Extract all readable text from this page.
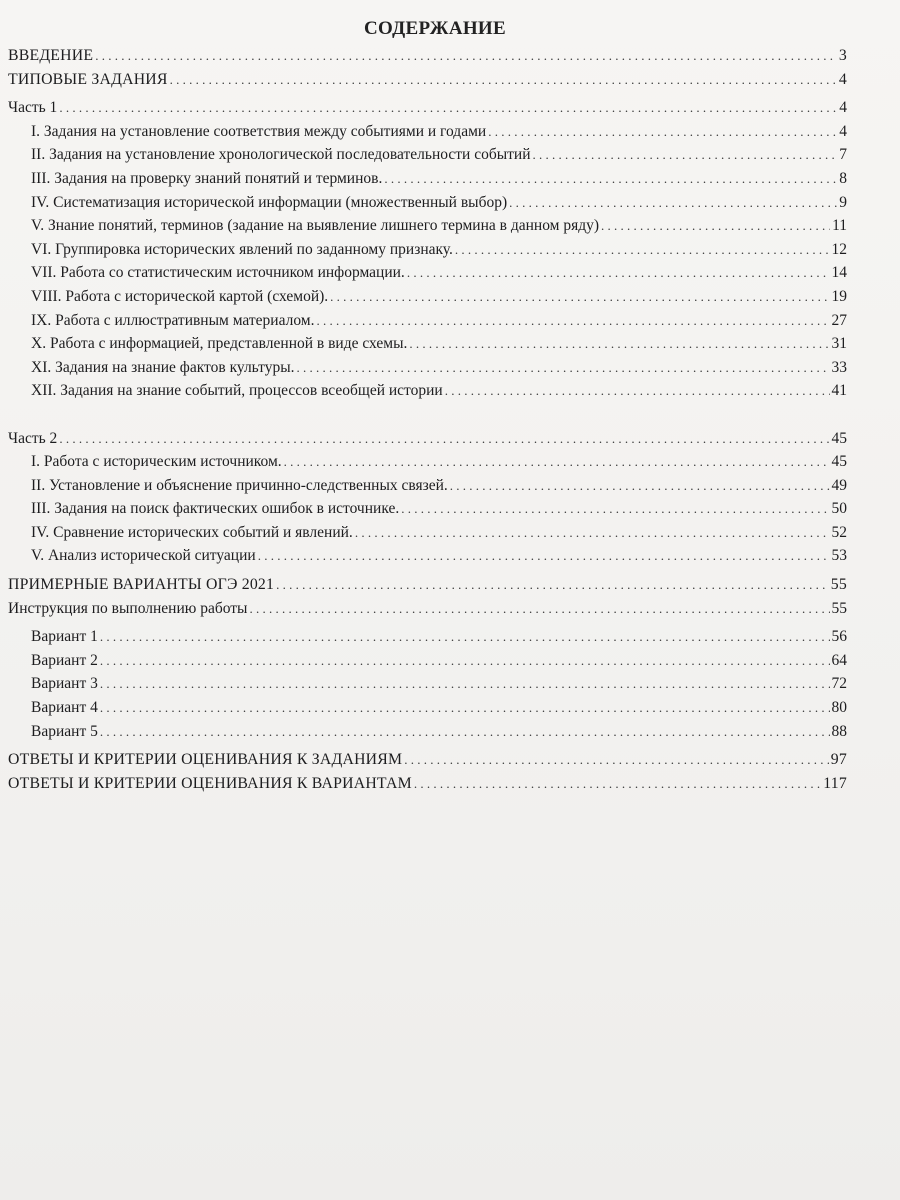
СОДЕРЖАНИЕ
ВВЕДЕНИЕ . . .	3
ТИПОВЫЕ ЗАДАНИЯ . . .	4
Часть 1 . . .	4
I. Задания на установление соответствия между событиями и годами . . .	4
II. Задания на установление хронологической последовательности событий . . .	7
III. Задания на проверку знаний понятий и терминов. . . .	8
IV. Систематизация исторической информации (множественный выбор) . . .	9
V. Знание понятий, терминов (задание на выявление лишнего термина в данном ряду) . . .	11
VI. Группировка исторических явлений по заданному признаку. . . .	12
VII. Работа со статистическим источником информации. . . .	14
VIII. Работа с исторической картой (схемой). . . .	19
IX. Работа с иллюстративным материалом. . . .	27
X. Работа с информацией, представленной в виде схемы. . . .	31
XI. Задания на знание фактов культуры. . . .	33
XII. Задания на знание событий, процессов всеобщей истории . . .	41
Часть 2 . . .	45
I. Работа с историческим источником. . . .	45
II. Установление и объяснение причинно-следственных связей. . . .	49
III. Задания на поиск фактических ошибок в источнике. . . .	50
IV. Сравнение исторических событий и явлений. . . .	52
V. Анализ исторической ситуации . . .	53
ПРИМЕРНЫЕ ВАРИАНТЫ ОГЭ 2021 . . .	55
Инструкция по выполнению работы . . .	55
Вариант 1 . . .	56
Вариант 2 . . .	64
Вариант 3 . . .	72
Вариант 4 . . .	80
Вариант 5 . . .	88
ОТВЕТЫ И КРИТЕРИИ ОЦЕНИВАНИЯ К ЗАДАНИЯМ . . .	97
ОТВЕТЫ И КРИТЕРИИ ОЦЕНИВАНИЯ К ВАРИАНТАМ . . .	117
